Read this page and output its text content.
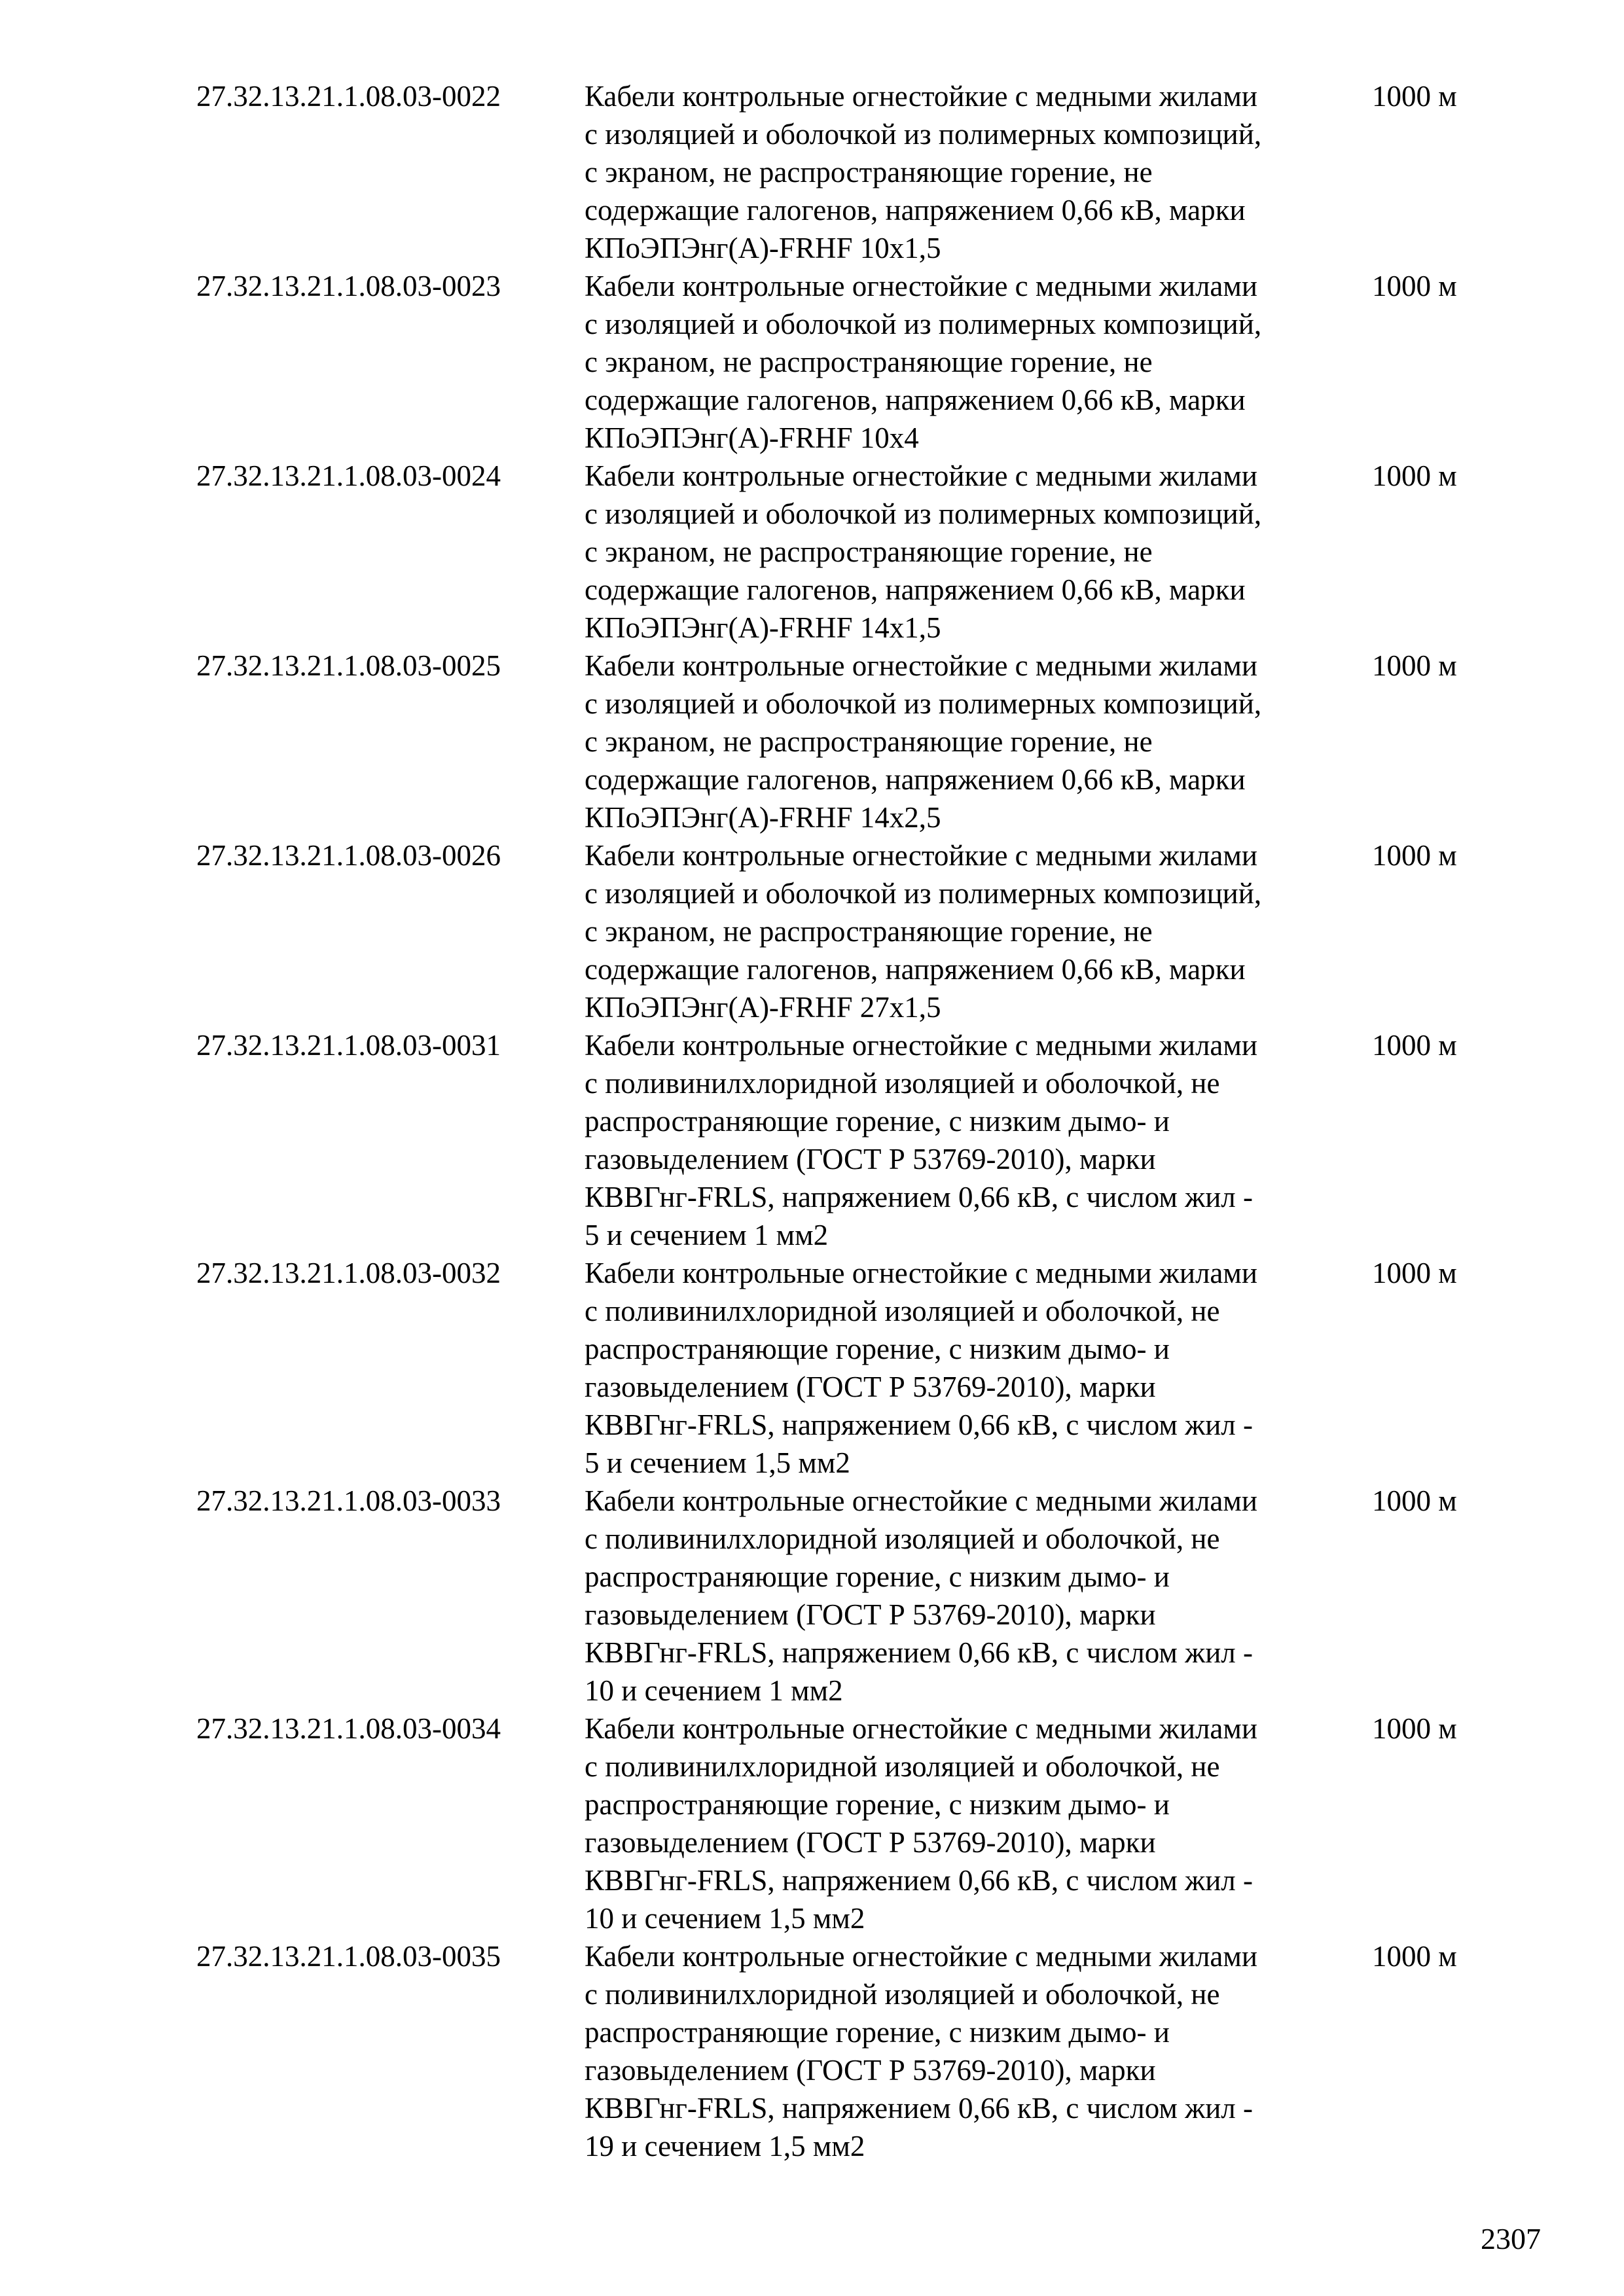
27.32.13.21.1.08.03-0022	Кабели контрольные огнестойкие с медными жилами
с изоляцией и оболочкой из полимерных композиций,
с экраном, не распространяющие горение, не
содержащие галогенов, напряжением 0,66 кВ, марки
КПоЭПЭнг(А)-FRHF 10х1,5
1000 м
27.32.13.21.1.08.03-0023	Кабели контрольные огнестойкие с медными жилами
с изоляцией и оболочкой из полимерных композиций,
с экраном, не распространяющие горение, не
содержащие галогенов, напряжением 0,66 кВ, марки
КПоЭПЭнг(А)-FRHF 10х4
1000 м
27.32.13.21.1.08.03-0024	Кабели контрольные огнестойкие с медными жилами
с изоляцией и оболочкой из полимерных композиций,
с экраном, не распространяющие горение, не
содержащие галогенов, напряжением 0,66 кВ, марки
КПоЭПЭнг(А)-FRHF 14х1,5
1000 м
27.32.13.21.1.08.03-0025	Кабели контрольные огнестойкие с медными жилами
с изоляцией и оболочкой из полимерных композиций,
с экраном, не распространяющие горение, не
содержащие галогенов, напряжением 0,66 кВ, марки
КПоЭПЭнг(А)-FRHF 14х2,5
1000 м
27.32.13.21.1.08.03-0026	Кабели контрольные огнестойкие с медными жилами
с изоляцией и оболочкой из полимерных композиций,
с экраном, не распространяющие горение, не
содержащие галогенов, напряжением 0,66 кВ, марки
КПоЭПЭнг(А)-FRHF 27х1,5
1000 м
27.32.13.21.1.08.03-0031	Кабели контрольные огнестойкие с медными жилами
с поливинилхлоридной изоляцией и оболочкой, не
распространяющие горение, с низким дымо- и
газовыделением (ГОСТ Р 53769-2010), марки
КВВГнг-FRLS, напряжением 0,66 кВ, с числом жил -
5 и сечением 1 мм2
1000 м
27.32.13.21.1.08.03-0032	Кабели контрольные огнестойкие с медными жилами
с поливинилхлоридной изоляцией и оболочкой, не
распространяющие горение, с низким дымо- и
газовыделением (ГОСТ Р 53769-2010), марки
КВВГнг-FRLS, напряжением 0,66 кВ, с числом жил -
5 и сечением 1,5 мм2
1000 м
27.32.13.21.1.08.03-0033	Кабели контрольные огнестойкие с медными жилами
с поливинилхлоридной изоляцией и оболочкой, не
распространяющие горение, с низким дымо- и
газовыделением (ГОСТ Р 53769-2010), марки
КВВГнг-FRLS, напряжением 0,66 кВ, с числом жил -
10 и сечением 1 мм2
1000 м
27.32.13.21.1.08.03-0034	Кабели контрольные огнестойкие с медными жилами
с поливинилхлоридной изоляцией и оболочкой, не
распространяющие горение, с низким дымо- и
газовыделением (ГОСТ Р 53769-2010), марки
КВВГнг-FRLS, напряжением 0,66 кВ, с числом жил -
10 и сечением 1,5 мм2
1000 м
27.32.13.21.1.08.03-0035	Кабели контрольные огнестойкие с медными жилами
с поливинилхлоридной изоляцией и оболочкой, не
распространяющие горение, с низким дымо- и
газовыделением (ГОСТ Р 53769-2010), марки
КВВГнг-FRLS, напряжением 0,66 кВ, с числом жил -
19 и сечением 1,5 мм2
1000 м
2307
